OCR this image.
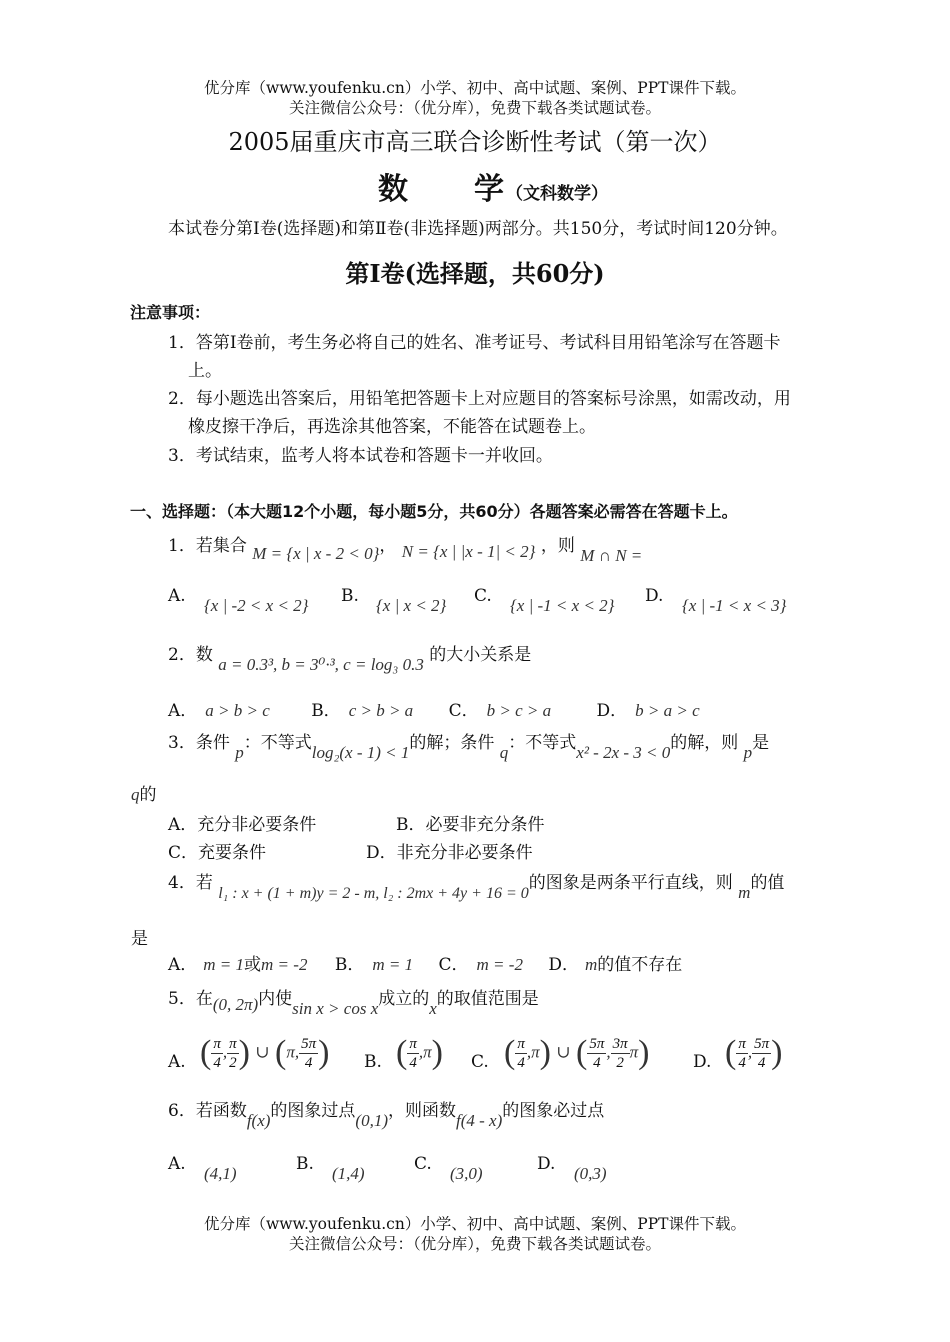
优分库（www.youfenku.cn）小学、初中、高中试题、案例、PPT课件下载。
关注微信公众号：（优分库），免费下载各类试题试卷。
2005届重庆市高三联合诊断性考试（第一次）
数　　学（文科数学）
本试卷分第Ⅰ卷(选择题)和第Ⅱ卷(非选择题)两部分。共150分，考试时间120分钟。
第Ⅰ卷(选择题，共60分)
注意事项：
1．答第Ⅰ卷前，考生务必将自己的姓名、准考证号、考试科目用铅笔涂写在答题卡
上。
2．每小题选出答案后，用铅笔把答题卡上对应题目的答案标号涂黑，如需改动，用
橡皮擦干净后，再选涂其他答案，不能答在试题卷上。
3．考试结束，监考人将本试卷和答题卡一并收回。
一、选择题：（本大题12个小题，每小题5分，共60分）各题答案必需答在答题卡上。
1．若集合 M = {x | x - 2 < 0}， N = {x | |x - 1| < 2} ，则 M ∩ N =
A. {x | -2 < x < 2} B. {x | x < 2} C. {x | -1 < x < 2} D. {x | -1 < x < 3}
2．数 a = 0.3³, b = 3⁰·³, c = log₃ 0.3 的大小关系是
A． a > b > c B． c > b > a C． b > c > a	D． b > a > c
3．条件 p：不等式log₂(x - 1) < 1的解；条件 q：不等式x² - 2x - 3 < 0的解，则 p是
q的
A．充分非必要条件	B．必要非充分条件
C．充要条件	D．非充分非必要条件
4．若 l₁ : x + (1 + m)y = 2 - m, l₂ : 2mx + 4y + 16 = 0的图象是两条平行直线，则 m的值
是
A． m = 1或m = -2 B． m = 1 C． m = -2 D． m的值不存在
5．在(0, 2π)内使sin x > cos x成立的x的取值范围是
A. ( $\frac{\pi}{4}$ , $\frac{\pi}{2}$ ) ∪ (π, $\frac{5\pi}{4}$ ) B. ( $\frac{\pi}{4} ,\pi$) C. ( $\frac{\pi}{4} ,\pi$) ∪ ( $\frac{5\pi}{4}$ , $\frac{3\pi}{2} \pi$)	D. ( $\frac{\pi}{4}$ , $\frac{5\pi}{4}$ )
6．若函数f(x)的图象过点(0,1)，则函数f(4 - x)的图象必过点
A. (4,1)	B. (1,4)	C. (3,0)	D. (0,3)
优分库（www.youfenku.cn）小学、初中、高中试题、案例、PPT课件下载。
关注微信公众号：（优分库），免费下载各类试题试卷。
